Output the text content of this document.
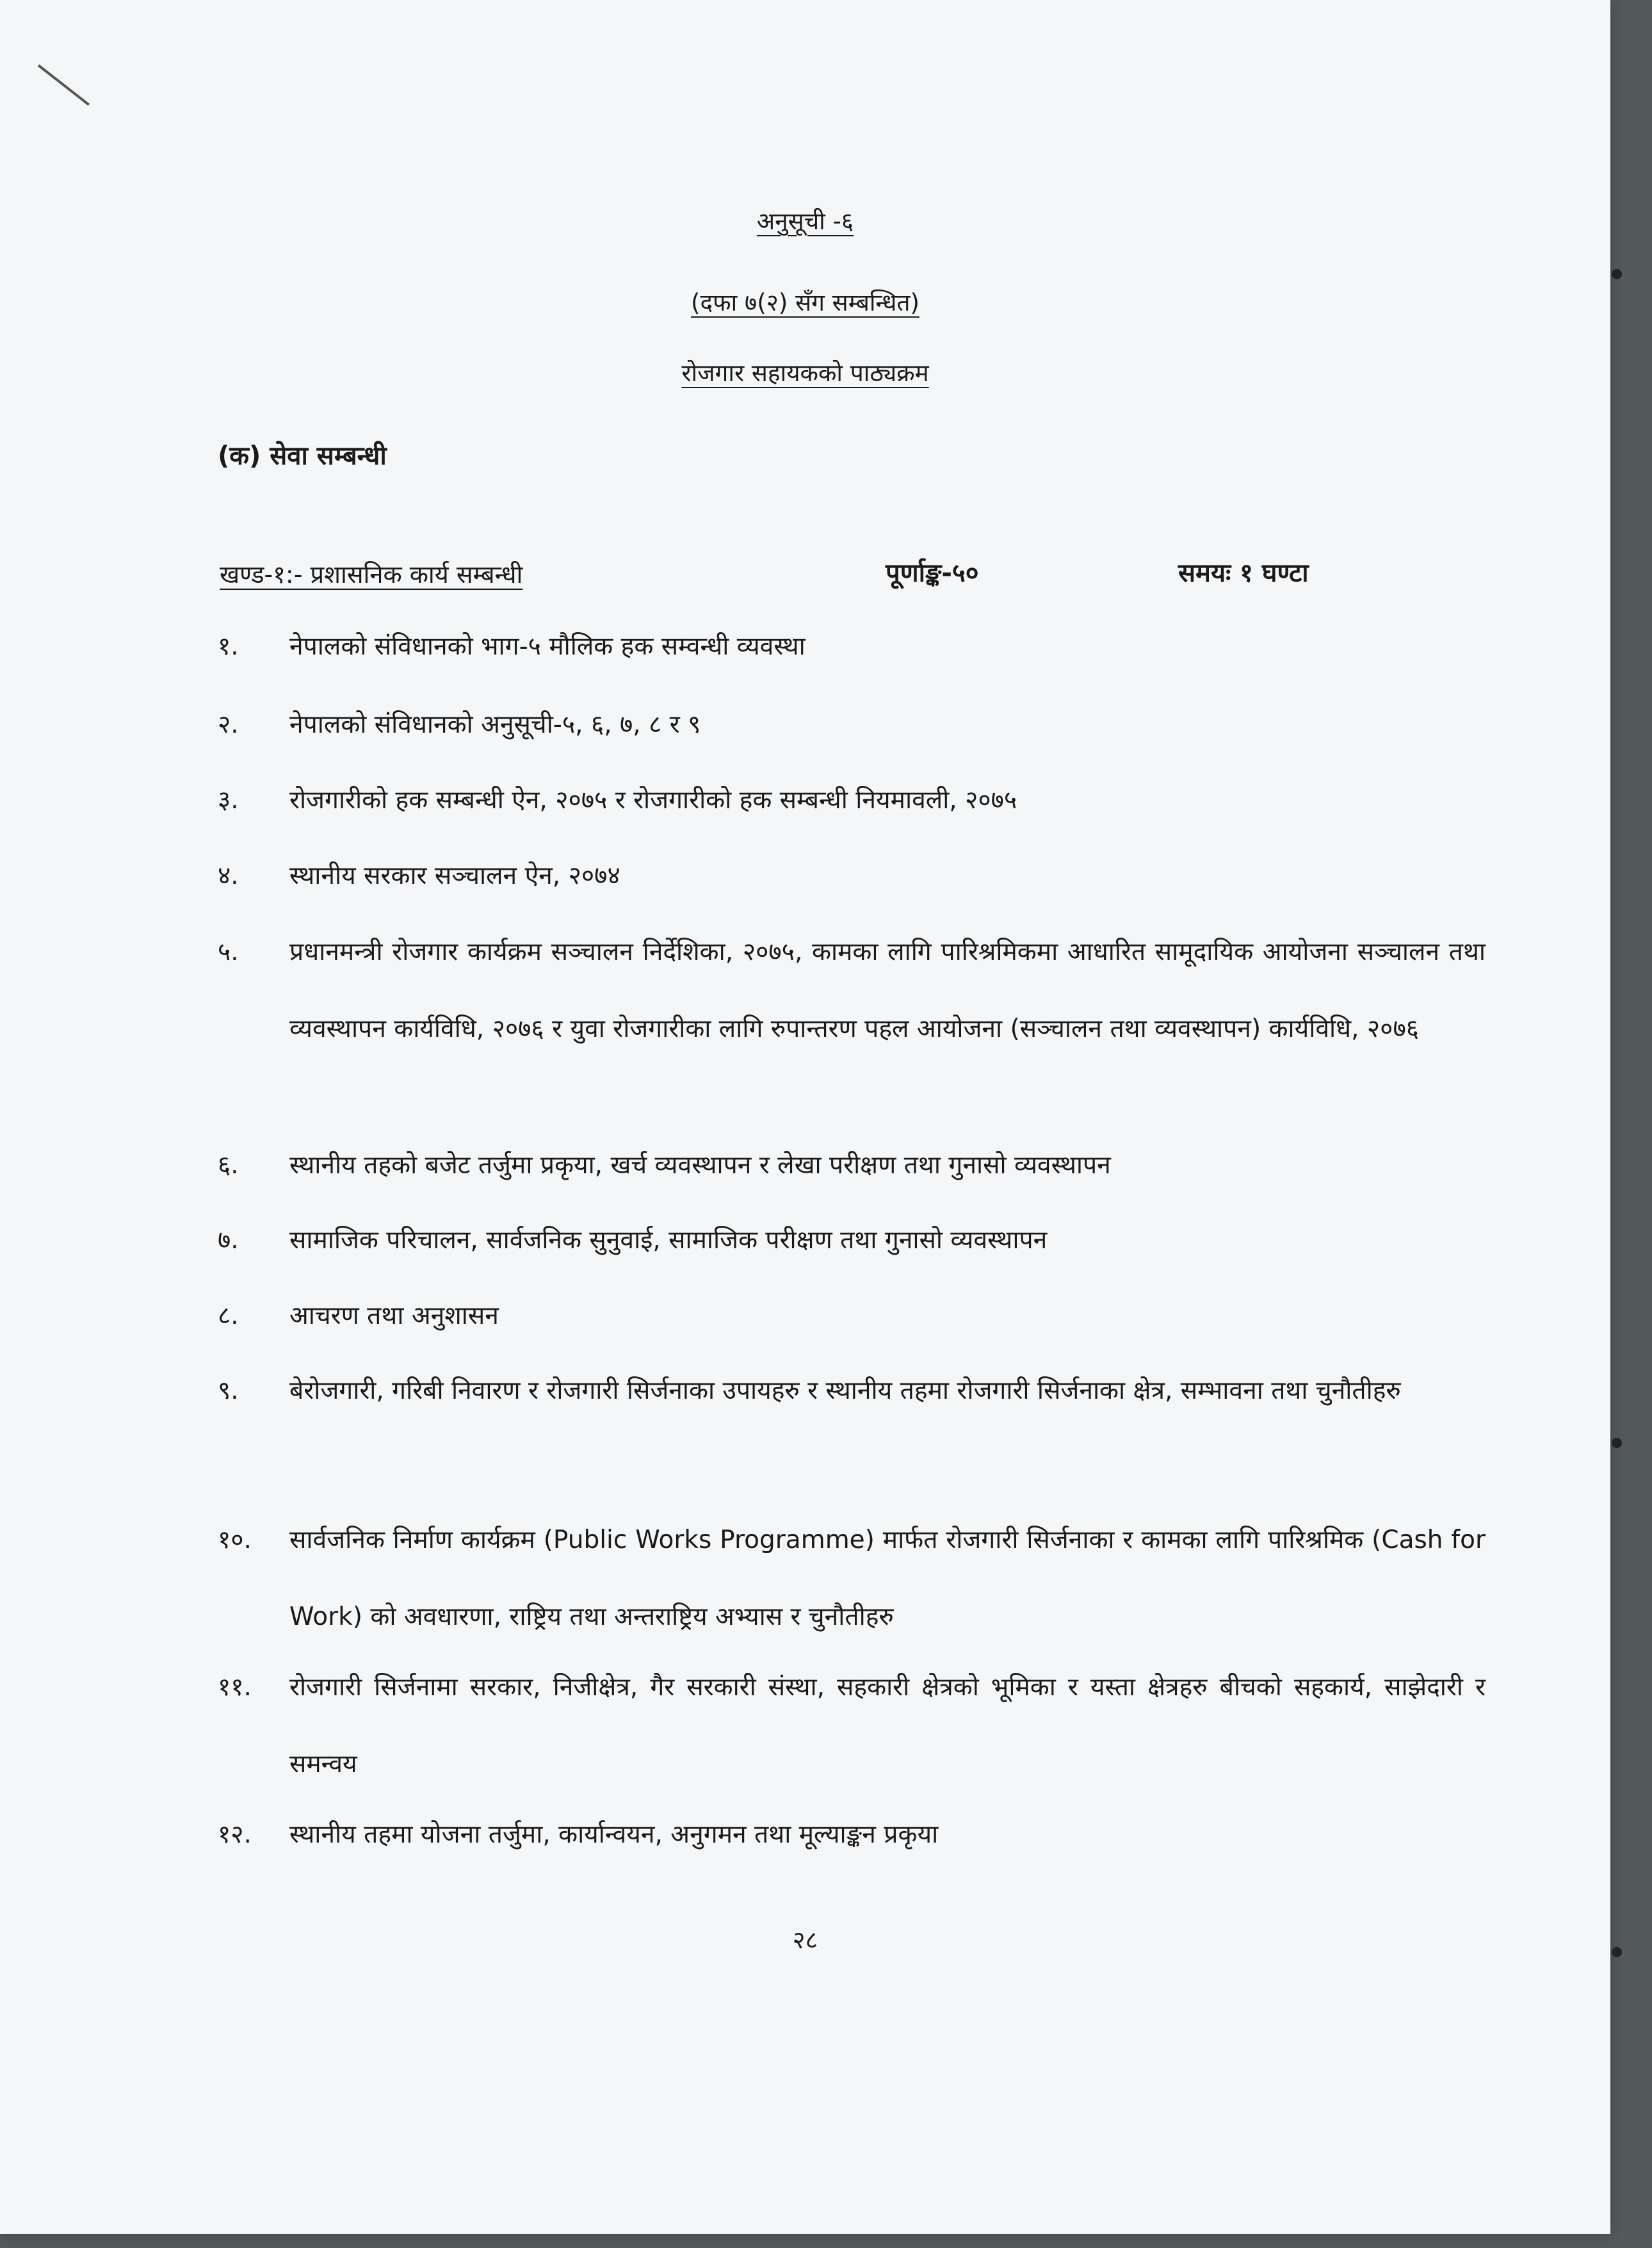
अनुसूची -६
(दफा ७(२) सँग सम्बन्धित)
रोजगार सहायकको पाठ्यक्रम
(क) सेवा सम्बन्धी
खण्ड-१:- प्रशासनिक कार्य सम्बन्धी	पूर्णाङ्क-५०	समयः १ घण्टा
१.	नेपालको संविधानको भाग-५ मौलिक हक सम्वन्धी व्यवस्था
२.	नेपालको संविधानको अनुसूची-५, ६, ७, ८ र ९
३.	रोजगारीको हक सम्बन्धी ऐन, २०७५ र रोजगारीको हक सम्बन्धी नियमावली, २०७५
४.	स्थानीय सरकार सञ्चालन ऐन, २०७४
५.	प्रधानमन्त्री रोजगार कार्यक्रम सञ्चालन निर्देशिका, २०७५, कामका लागि पारिश्रमिकमा आधारित सामूदायिक आयोजना सञ्चालन तथा व्यवस्थापन कार्यविधि, २०७६ र युवा रोजगारीका लागि रुपान्तरण पहल आयोजना (सञ्चालन तथा व्यवस्थापन) कार्यविधि, २०७६
६.	स्थानीय तहको बजेट तर्जुमा प्रकृया, खर्च व्यवस्थापन र लेखा परीक्षण तथा गुनासो व्यवस्थापन
७.	सामाजिक परिचालन, सार्वजनिक सुनुवाई, सामाजिक परीक्षण तथा गुनासो व्यवस्थापन
८.	आचरण तथा अनुशासन
९.	बेरोजगारी, गरिबी निवारण र रोजगारी सिर्जनाका उपायहरु र स्थानीय तहमा रोजगारी सिर्जनाका क्षेत्र, सम्भावना तथा चुनौतीहरु
१०.	सार्वजनिक निर्माण कार्यक्रम (Public Works Programme) मार्फत रोजगारी सिर्जनाका र कामका लागि पारिश्रमिक (Cash for Work) को अवधारणा, राष्ट्रिय तथा अन्तराष्ट्रिय अभ्यास र चुनौतीहरु
११.	रोजगारी सिर्जनामा सरकार, निजीक्षेत्र, गैर सरकारी संस्था, सहकारी क्षेत्रको भूमिका र यस्ता क्षेत्रहरु बीचको सहकार्य, साझेदारी र समन्वय
१२.	स्थानीय तहमा योजना तर्जुमा, कार्यान्वयन, अनुगमन तथा मूल्याङ्कन प्रकृया
२८
